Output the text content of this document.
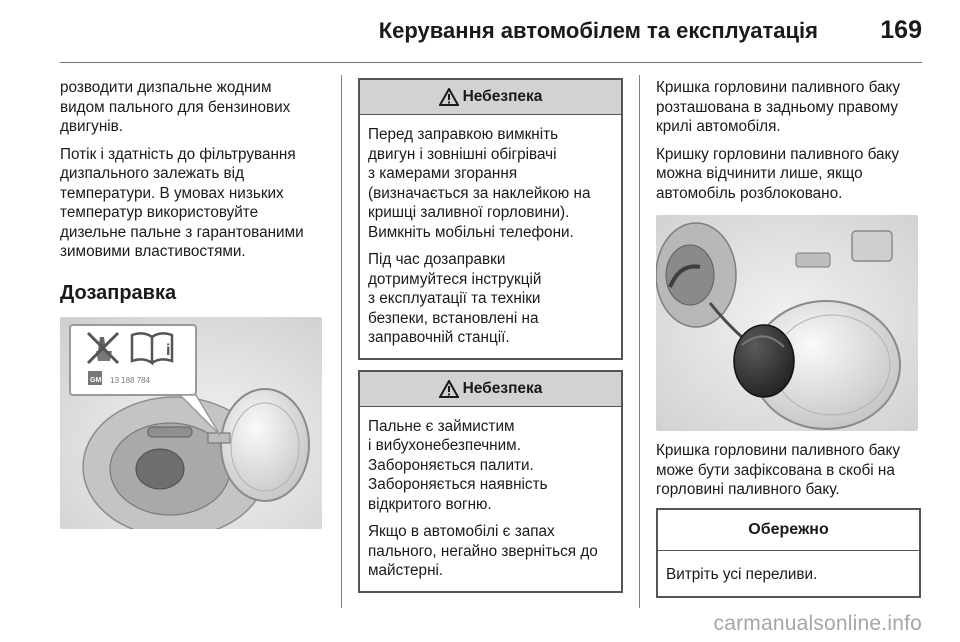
Керування автомобілем та експлуатація 169

розводити дизпальне жодним
видом пального для бензинових
двигунів.

Потік і здатність до фільтрування
дизпального залежать від
температури. В умовах низьких
температур використовуйте
дизельне пальне з гарантованими
зимовими властивостями.

Дозаправка
i
GM 13 188 784
Небезпека

Перед заправкою вимкніть
двигун і зовнішні обігрівачі
з камерами згорання
(визначається за наклейкою на
кришці заливної горловини).
Вимкніть мобільні телефони.

Під час дозаправки
дотримуйтеся інструкцій
з експлуатації та техніки
безпеки, встановлені на
заправочній станції.

Небезпека

Пальне є займистим
і вибухонебезпечним.
Забороняється палити.
Забороняється наявність
відкритого вогню.

Якщо в автомобілі є запах
пального, негайно зверніться до
майстерні.

Кришка горловини паливного баку
розташована в задньому правому
крилі автомобіля.

Кришку горловини паливного баку
можна відчинити лише, якщо
автомобіль розблоковано.

Кришка горловини паливного баку
може бути зафіксована в скобі на
горловині паливного баку.

Обережно
Витріть усі переливи.
carmanualsonline.info
